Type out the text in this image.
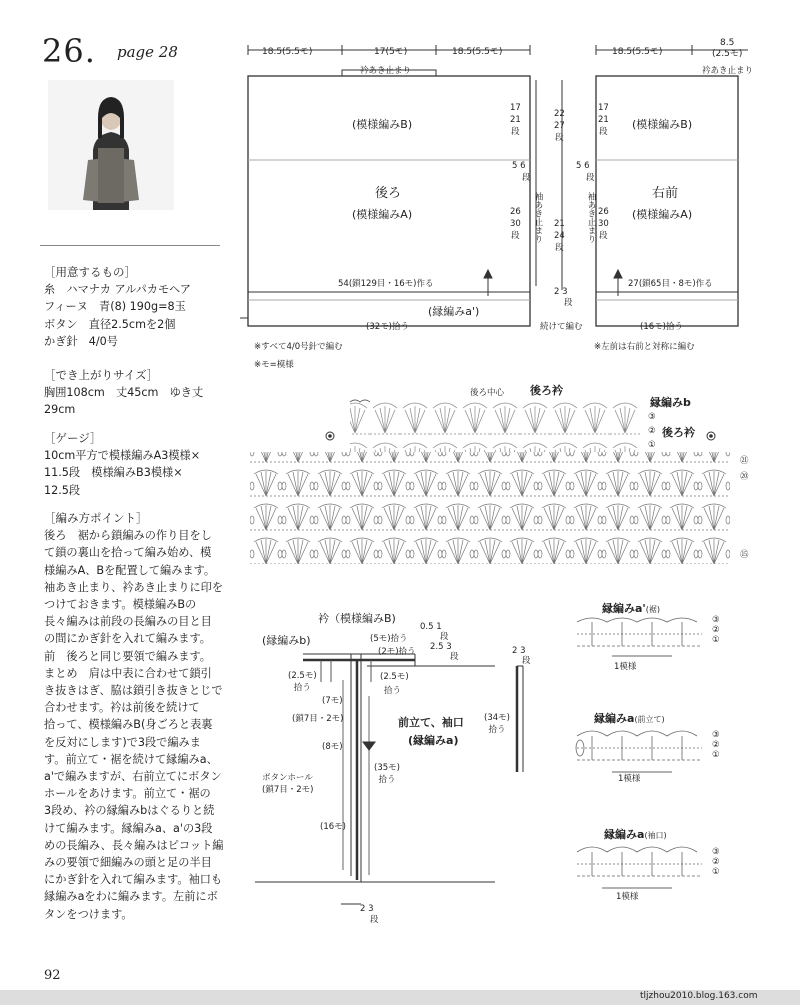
26. page 28
［用意するもの］
糸　ハマナカ アルパカモヘア
フィーヌ　青(8) 190g=8玉
ボタン　直径2.5cmを2個
かぎ針　4/0号
［でき上がりサイズ］
胸囲108cm　丈45cm　ゆき丈
29cm
［ゲージ］
10cm平方で模様編みA3模様×
11.5段　模様編みB3模様×
12.5段
［編み方ポイント］
後ろ　裾から鎖編みの作り目をし
て鎖の裏山を拾って編み始め、模
様編みA、Bを配置して編みます。
袖あき止まり、衿あき止まりに印を
つけておきます。模様編みBの
長々編みは前段の長編みの目と目
の間にかぎ針を入れて編みます。
前　後ろと同じ要領で編みます。
まとめ　肩は中表に合わせて鎖引
き抜きはぎ、脇は鎖引き抜きとじで
合わせます。衿は前後を続けて
拾って、模様編みB(身ごろと表裏
を反対にします)で3段で編みま
す。前立て・裾を続けて縁編みa、
a'で編みますが、右前立てにボタン
ホールをあけます。前立て・裾の
3段め、衿の縁編みbはぐるりと続
けて編みます。縁編みa、a'の3段
めの長編み、長々編みはピコット編
みの要領で細編みの頭と足の半目
にかぎ針を入れて編みます。袖口も
縁編みaをわに編みます。左前にボ
タンをつけます。
18.5(5.5モ)	17(5モ)	18.5(5.5モ)
衿あき止まり
(模様編みB)
後ろ
(模様編みA)
54(鎖129目・16モ)作る
(縁編みa')
(32モ)拾う
17
21
段
5 6
段
26
30
段 袖あき止まり
22
27
段
21
24
段
2 3
段
続けて編む
18.5(5.5モ)
8.5
(2.5モ)
衿あき止まり
(模様編みB)
右前
(模様編みA)
27(鎖65目・8モ)作る
(16モ)拾う
17
21
段
5 6
段
26
30
段
袖あき止まり
※左前は右前と対称に編む
※すべて4/0号針で編む
※モ=模様
後ろ中心 後ろ衿
縁編みb
後ろ衿
③
②
①
㉑
⑳
⑮
衿（模様編みB)
(縁編みb)	(5モ)拾う
(2モ)拾う
0.5 1
段
2.5 3
段
2 3
段
(2.5モ)
拾う
(2.5モ)
拾う
(7モ)
(鎖7目・2モ)
(8モ)
ボタンホール
(鎖7目・2モ)
(16モ)
(35モ)
拾う
(34モ)
拾う
前立て、袖口
(縁編みa)
2 3
段
縁編みa'(裾)
縁編みa(前立て)
縁編みa(袖口)
1模様
1模様
1模様
③
②
①
③
②
①
③
②
①
92
tljzhou2010.blog.163.com
